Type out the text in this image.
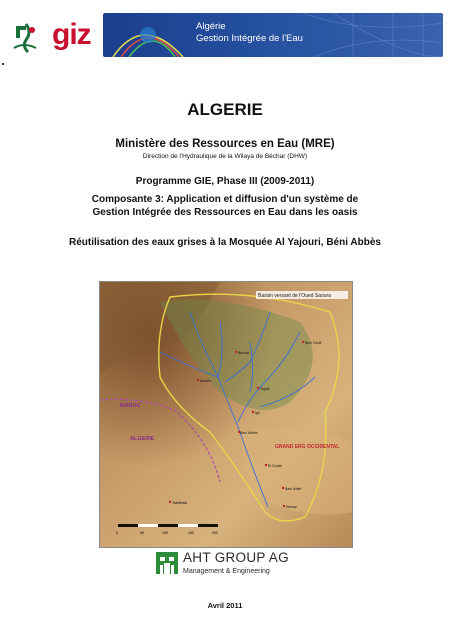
giz	Algérie
Gestion Intégrée de l'Eau
ALGERIE
Ministère des Ressources en Eau (MRE)
Direction de l'Hydraulique de la Wilaya de Béchar (DHW)
Programme GIE, Phase III (2009-2011)
Composante 3: Application et diffusion d'un système de
Gestion Intégrée des Ressources en Eau dans les oasis
Réutilisation des eaux grises à la Mosquée Al Yajouri, Béni Abbès
0	50	100	150	200
Bassin versant de l'Oued Saoura
MAROC
ALGERIE
GRAND ERG OCCIDENTAL
Bechar
Béni Abbès
El Ouata
Beni Ikhlef
Kerzaz
Tabelbala
Igli
Abadla
Taghit
Beni Ounif
AHT GROUP AG
Management & Engineering
Avril 2011
